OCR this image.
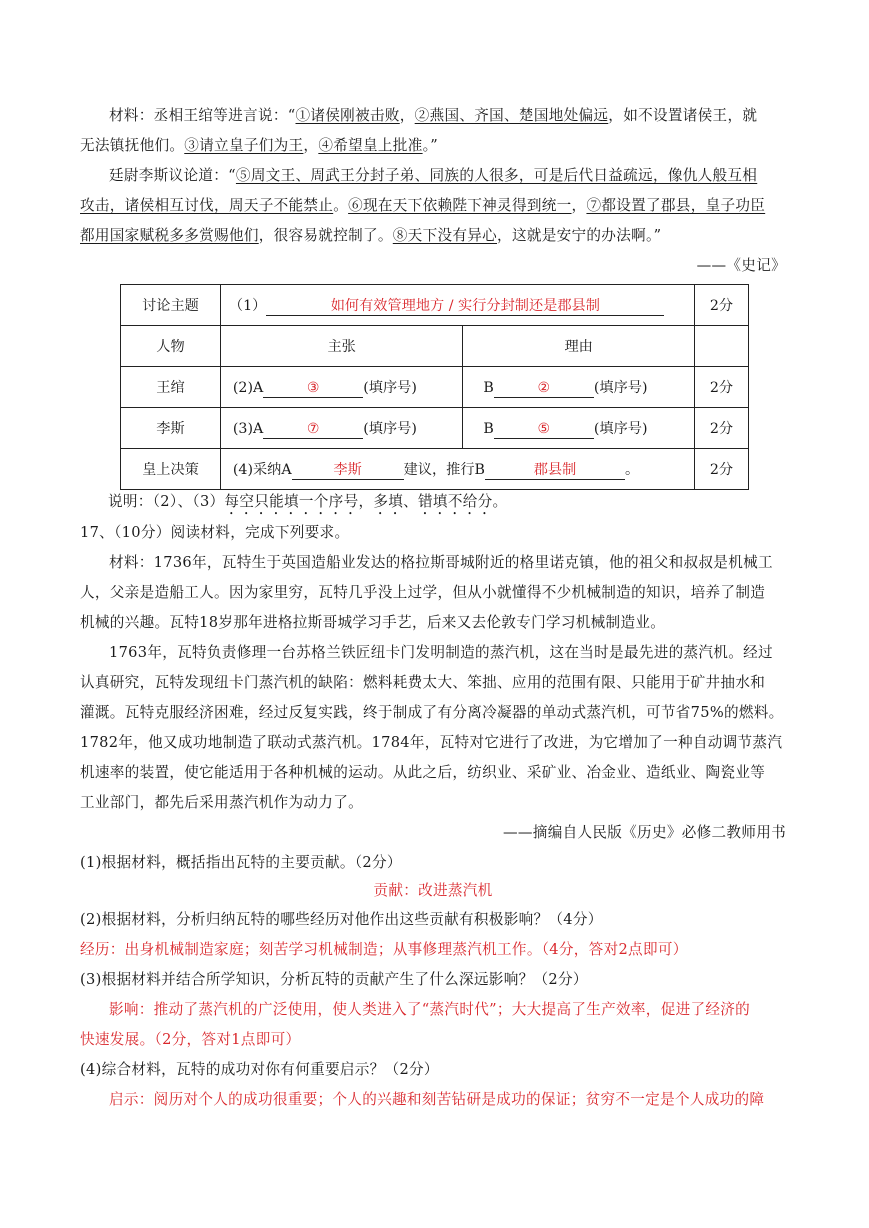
材料：丞相王绾等进言说：“①诸侯刚被击败，②燕国、齐国、楚国地处偏远，如不设置诸侯王，就
无法镇抚他们。③请立皇子们为王，④希望皇上批准。”
廷尉李斯议论道：“⑤周文王、周武王分封子弟、同族的人很多，可是后代日益疏远，像仇人般互相
攻击，诸侯相互讨伐，周天子不能禁止。⑥现在天下依赖陛下神灵得到统一，⑦都设置了郡县，皇子功臣
都用国家赋税多多赏赐他们，很容易就控制了。⑧天下没有异心，这就是安宁的办法啊。”
——《史记》
讨论主题	（1） 如何有效管理地方 / 实行分封制还是郡县制		2分
人物	主张	理由	
王绾	(2)A ③ (填序号)	B ② (填序号)	2分
李斯	(3)A ⑦ (填序号)	B ⑤ (填序号)	2分
皇上决策	(4)采纳A 李斯 建议，推行B 郡县制 。		2分
说明：（2）、（3）每空只能填一个序号，多填、错填不给分。
17、（10分）阅读材料，完成下列要求。
材料：1736年，瓦特生于英国造船业发达的格拉斯哥城附近的格里诺克镇，他的祖父和叔叔是机械工
人，父亲是造船工人。因为家里穷，瓦特几乎没上过学，但从小就懂得不少机械制造的知识，培养了制造
机械的兴趣。瓦特18岁那年进格拉斯哥城学习手艺，后来又去伦敦专门学习机械制造业。
1763年，瓦特负责修理一台苏格兰铁匠纽卡门发明制造的蒸汽机，这在当时是最先进的蒸汽机。经过
认真研究，瓦特发现纽卡门蒸汽机的缺陷：燃料耗费太大、笨拙、应用的范围有限、只能用于矿井抽水和
灌溉。瓦特克服经济困难，经过反复实践，终于制成了有分离冷凝器的单动式蒸汽机，可节省75%的燃料。
1782年，他又成功地制造了联动式蒸汽机。1784年，瓦特对它进行了改进，为它增加了一种自动调节蒸汽
机速率的装置，使它能适用于各种机械的运动。从此之后，纺织业、采矿业、冶金业、造纸业、陶瓷业等
工业部门，都先后采用蒸汽机作为动力了。
——摘编自人民版《历史》必修二教师用书
(1)根据材料，概括指出瓦特的主要贡献。（2分）
贡献：改进蒸汽机
(2)根据材料，分析归纳瓦特的哪些经历对他作出这些贡献有积极影响？（4分）
经历：出身机械制造家庭；刻苦学习机械制造；从事修理蒸汽机工作。（4分，答对2点即可）
(3)根据材料并结合所学知识，分析瓦特的贡献产生了什么深远影响？（2分）
影响：推动了蒸汽机的广泛使用，使人类进入了“蒸汽时代”；大大提高了生产效率，促进了经济的
快速发展。（2分，答对1点即可）
(4)综合材料，瓦特的成功对你有何重要启示？（2分）
启示：阅历对个人的成功很重要；个人的兴趣和刻苦钻研是成功的保证；贫穷不一定是个人成功的障
